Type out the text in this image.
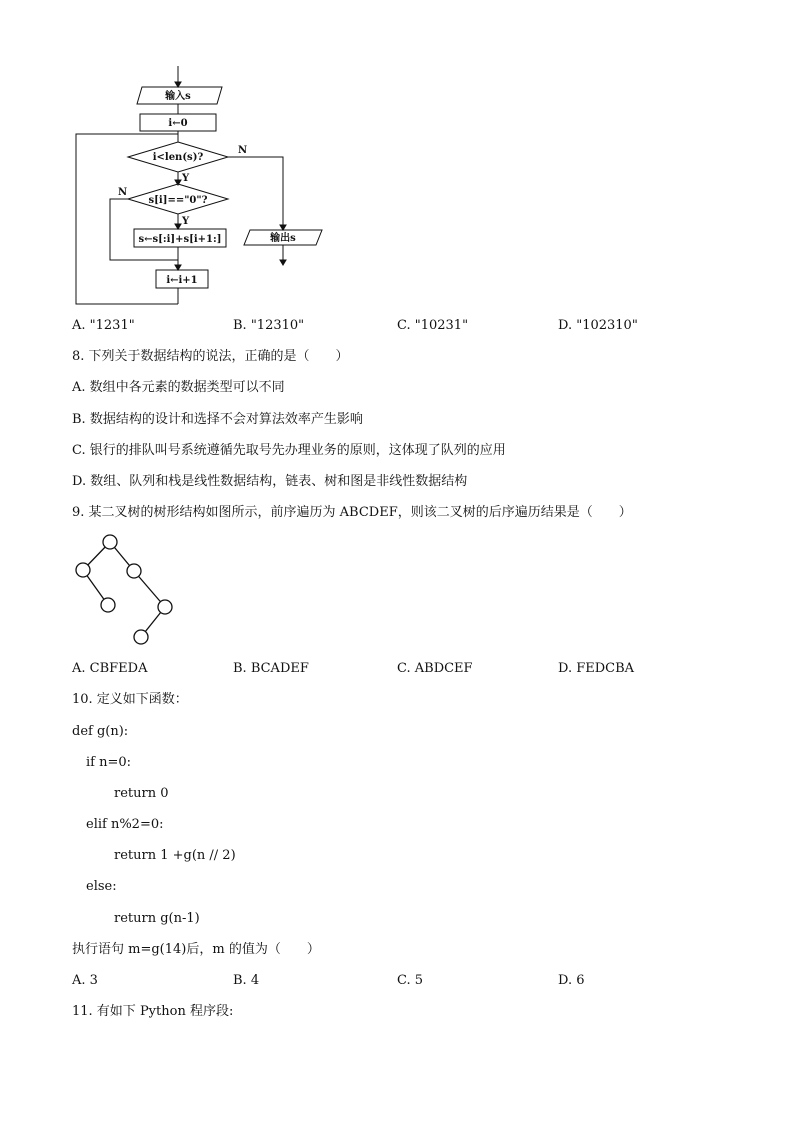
输入s
i←0
i<len(s)?
N
Y
s[i]=="0"?
N
Y
s←s[:i]+s[i+1:]
i←i+1
输出s
A. "1231"	B. "12310"	C. "10231"	D. "102310"
8. 下列关于数据结构的说法，正确的是（　　）
A. 数组中各元素的数据类型可以不同
B. 数据结构的设计和选择不会对算法效率产生影响
C. 银行的排队叫号系统遵循先取号先办理业务的原则，这体现了队列的应用
D. 数组、队列和栈是线性数据结构，链表、树和图是非线性数据结构
9. 某二叉树的树形结构如图所示，前序遍历为 ABCDEF，则该二叉树的后序遍历结果是（　　）
A. CBFEDA	B. BCADEF	C. ABDCEF	D. FEDCBA
10. 定义如下函数：
def g(n):
if n=0:
return 0
elif n%2=0:
return 1 +g(n // 2)
else:
return g(n-1)
执行语句 m=g(14)后，m 的值为（　　）
A. 3	B. 4	C. 5	D. 6
11. 有如下 Python 程序段:
